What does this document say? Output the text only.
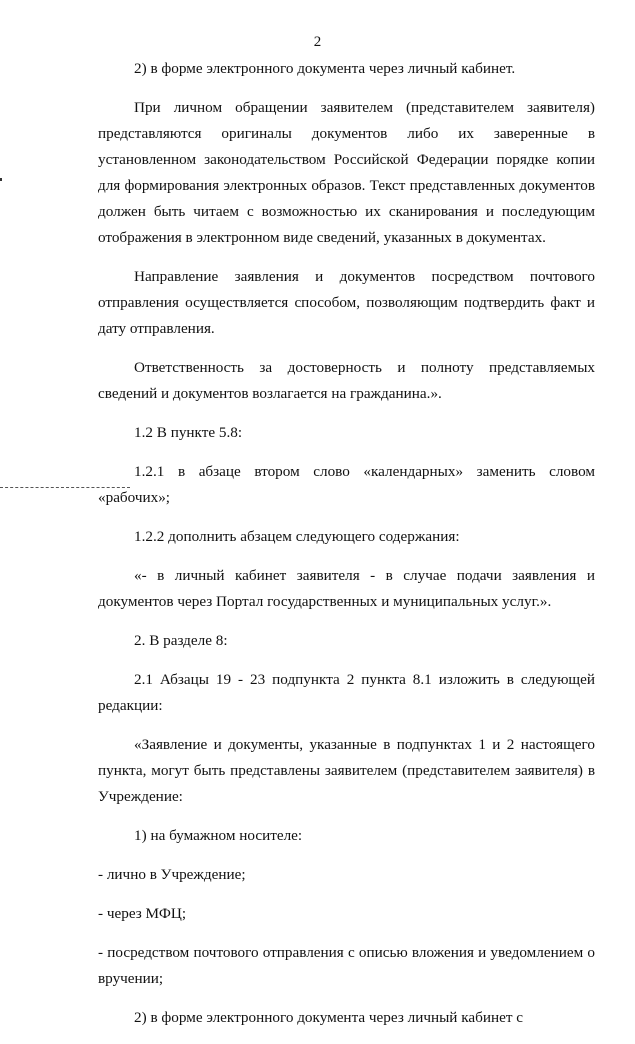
2

2) в форме электронного документа через личный кабинет.

При личном обращении заявителем (представителем заявителя) представляются оригиналы документов либо их заверенные в установленном законодательством Российской Федерации порядке копии для формирования электронных образов. Текст представленных документов должен быть читаем с возможностью их сканирования и последующим отображения в электронном виде сведений, указанных в документах.

Направление заявления и документов посредством почтового отправления осуществляется способом, позволяющим подтвердить факт и дату отправления.

Ответственность за достоверность и полноту представляемых сведений и документов возлагается на гражданина.».

1.2 В пункте 5.8:

1.2.1 в абзаце втором слово «календарных» заменить словом «рабочих»;

1.2.2 дополнить абзацем следующего содержания:

«- в личный кабинет заявителя - в случае подачи заявления и документов через Портал государственных и муниципальных услуг.».

2. В разделе 8:

2.1 Абзацы 19 - 23 подпункта 2 пункта 8.1 изложить в следующей редакции:

«Заявление и документы, указанные в подпунктах 1 и 2 настоящего пункта, могут быть представлены заявителем (представителем заявителя) в Учреждение:

1) на бумажном носителе:

- лично в Учреждение;

- через МФЦ;

- посредством почтового отправления с описью вложения и уведомлением о вручении;

2) в форме электронного документа через личный кабинет с
